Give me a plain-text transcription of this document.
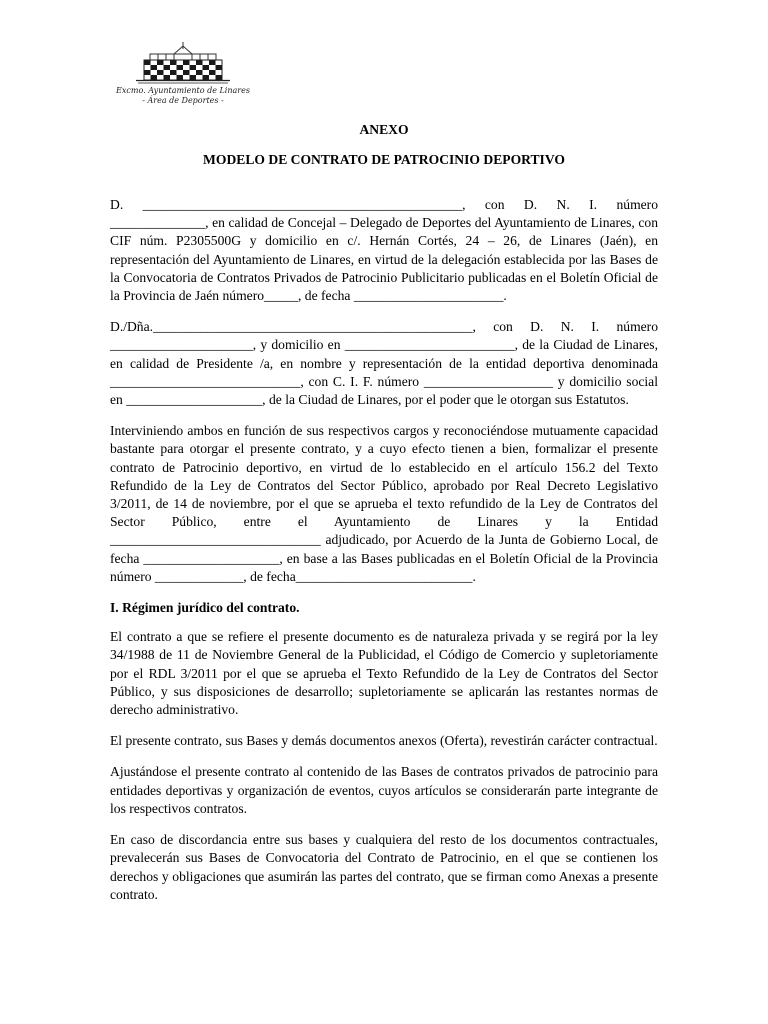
Excmo. Ayuntamiento de Linares
- Área de Deportes -
ANEXO
MODELO DE CONTRATO DE PATROCINIO DEPORTIVO

D. _______________________________________________, con D. N. I. número ______________, en calidad de Concejal – Delegado de Deportes del Ayuntamiento de Linares, con CIF núm. P2305500G y domicilio en c/. Hernán Cortés, 24 – 26, de Linares (Jaén), en representación del Ayuntamiento de Linares, en virtud de la delegación establecida por las Bases de la Convocatoria de Contratos Privados de Patrocinio Publicitario publicadas en el Boletín Oficial de la Provincia de Jaén número_____, de fecha ______________________.

D./Dña._______________________________________________, con D. N. I. número _____________________, y domicilio en _________________________, de la Ciudad de Linares, en calidad de Presidente /a, en nombre y representación de la entidad deportiva denominada ____________________________, con C. I. F. número ___________________ y domicilio social en ____________________, de la Ciudad de Linares, por el poder que le otorgan sus Estatutos.

Interviniendo ambos en función de sus respectivos cargos y reconociéndose mutuamente capacidad bastante para otorgar el presente contrato, y a cuyo efecto tienen a bien, formalizar el presente contrato de Patrocinio deportivo, en virtud de lo establecido en el artículo 156.2 del Texto Refundido de la Ley de Contratos del Sector Público, aprobado por Real Decreto Legislativo 3/2011, de 14 de noviembre, por el que se aprueba el texto refundido de la Ley de Contratos del Sector Público, entre el Ayuntamiento de Linares y la Entidad _______________________________ adjudicado, por Acuerdo de la Junta de Gobierno Local, de fecha ____________________, en base a las Bases publicadas en el Boletín Oficial de la Provincia número _____________, de fecha__________________________.

I. Régimen jurídico del contrato.

El contrato a que se refiere el presente documento es de naturaleza privada y se regirá por la ley 34/1988 de 11 de Noviembre General de la Publicidad, el Código de Comercio y supletoriamente por el RDL 3/2011 por el que se aprueba el Texto Refundido de la Ley de Contratos del Sector Público, y sus disposiciones de desarrollo; supletoriamente se aplicarán las restantes normas de derecho administrativo.

El presente contrato, sus Bases y demás documentos anexos (Oferta), revestirán carácter contractual.

Ajustándose el presente contrato al contenido de las Bases de contratos privados de patrocinio para entidades deportivas y organización de eventos, cuyos artículos se considerarán parte integrante de los respectivos contratos.

En caso de discordancia entre sus bases y cualquiera del resto de los documentos contractuales, prevalecerán sus Bases de Convocatoria del Contrato de Patrocinio, en el que se contienen los derechos y obligaciones que asumirán las partes del contrato, que se firman como Anexas a presente contrato.
